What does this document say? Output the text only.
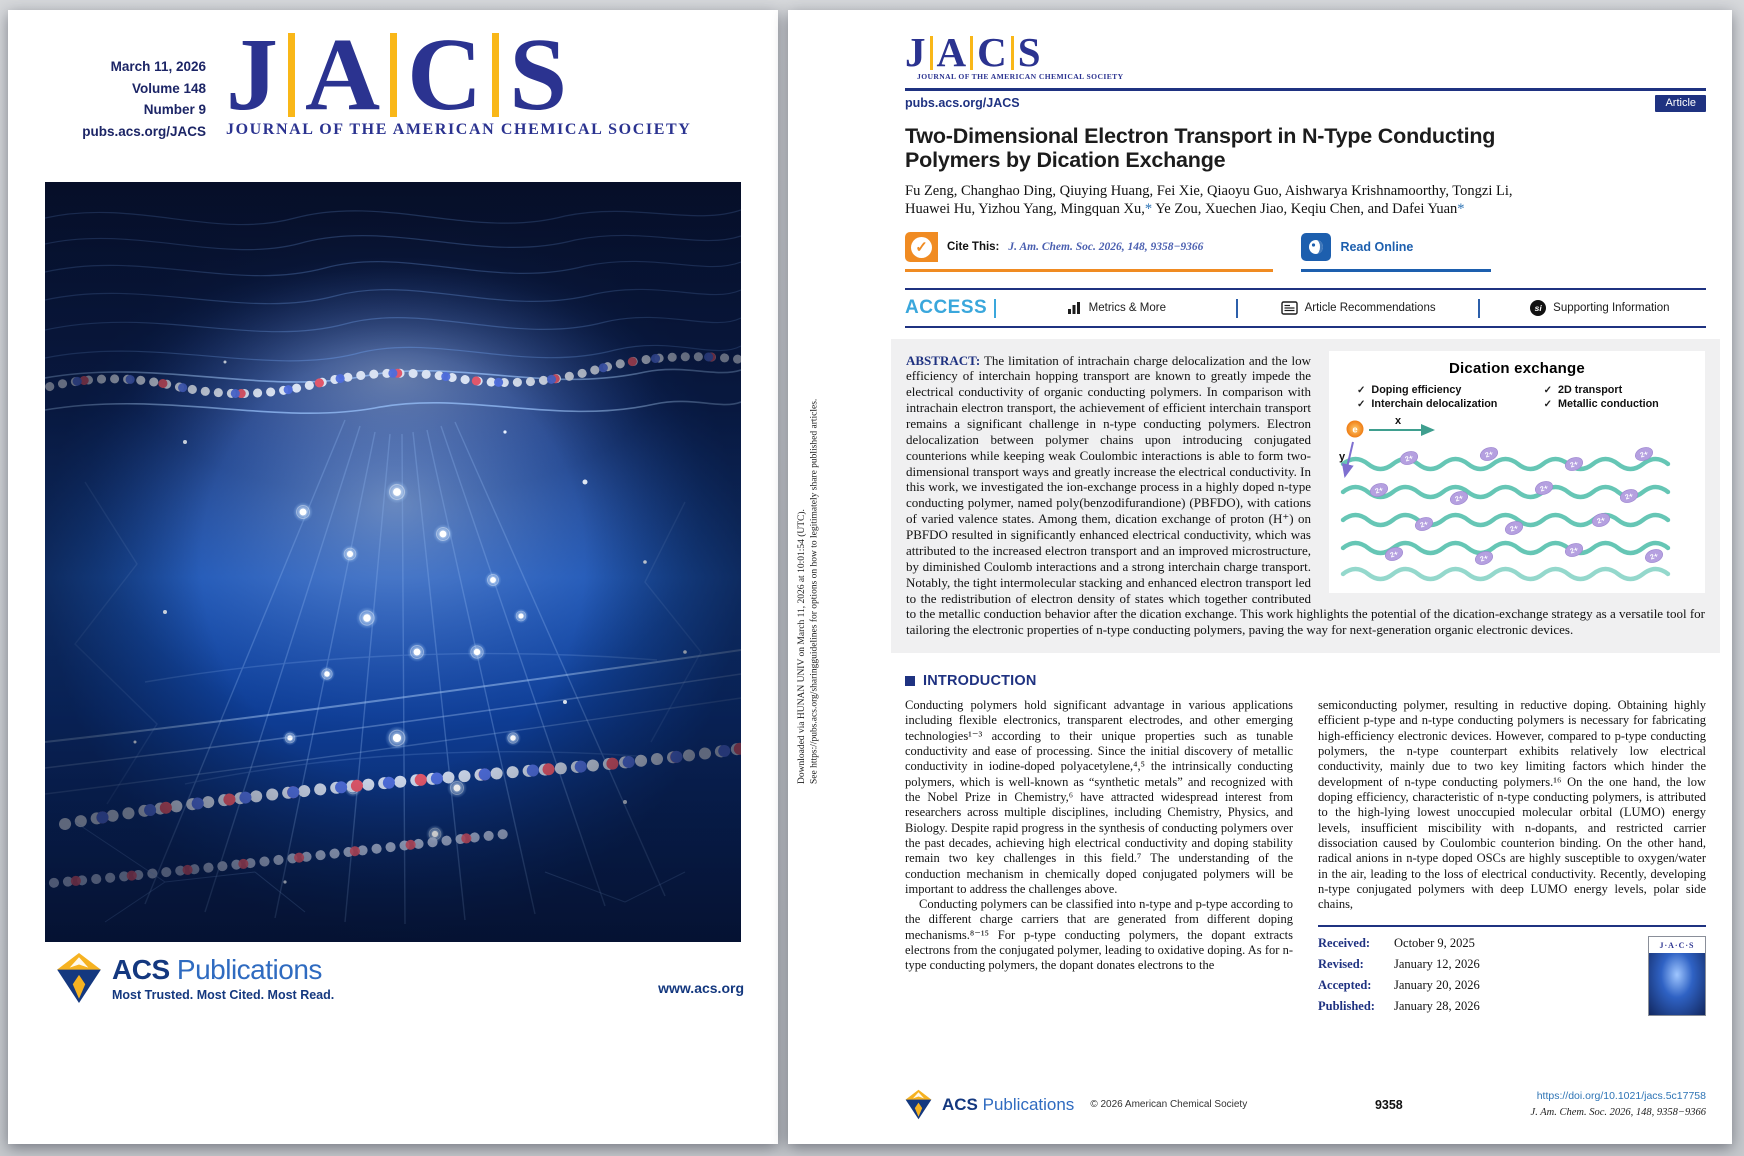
March 11, 2026
Volume 148
Number 9
pubs.acs.org/JACS J A C S
JOURNAL OF THE AMERICAN CHEMICAL SOCIETY
ACS Publications
Most Trusted. Most Cited. Most Read.	www.acs.org
Downloaded via HUNAN UNIV on March 11, 2026 at 10:01:54 (UTC). See https://pubs.acs.org/sharingguidelines for options on how to legitimately share published articles.
J A C S
JOURNAL OF THE AMERICAN CHEMICAL SOCIETY
pubs.acs.org/JACS	Article
Two-Dimensional Electron Transport in N-Type Conducting
Polymers by Dication Exchange
Fu Zeng, Changhao Ding, Qiuying Huang, Fei Xie, Qiaoyu Guo, Aishwarya Krishnamoorthy, Tongzi Li,
Huawei Hu, Yizhou Yang, Mingquan Xu,* Ye Zou, Xuechen Jiao, Keqiu Chen, and Dafei Yuan*
✓	Cite This: J. Am. Chem. Soc. 2026, 148, 9358−9366	Read Online
ACCESS	Metrics & More	Article Recommendations	si Supporting Information
Dication exchange
✓ Doping efficiency
✓ Interchain delocalization
✓ 2D transport
✓ Metallic conduction
2+	2+
2+
2+
2+
2+
2+
2+
2+	2+
2+
2+	2+
2+
2+
e
x
y

ABSTRACT: The limitation of intrachain charge delocalization and the low efficiency of interchain hopping transport are known to greatly impede the electrical conductivity of organic conducting polymers. In comparison with intrachain electron transport, the achievement of efficient interchain transport remains a significant challenge in n-type conducting polymers. Electron delocalization between polymer chains upon introducing conjugated counterions while keeping weak Coulombic interactions is able to form two-dimensional transport ways and greatly increase the electrical conductivity. In this work, we investigated the ion-exchange process in a highly doped n-type conducting polymer, named poly(benzodifurandione) (PBFDO), with cations of varied valence states. Among them, dication exchange of proton (H⁺) on PBFDO resulted in significantly enhanced electrical conductivity, which was attributed to the increased electron transport and an improved microstructure, by diminished Coulomb interactions and a strong interchain charge transport. Notably, the tight intermolecular stacking and enhanced electron transport led to the redistribution of electron density of states which together contributed to the metallic conduction behavior after the dication exchange. This work highlights the potential of the dication-exchange strategy as a versatile tool for tailoring the electronic properties of n-type conducting polymers, paving the way for next-generation organic electronic devices.

INTRODUCTION

Conducting polymers hold significant advantage in various applications including flexible electronics, transparent electrodes, and other emerging technologies¹⁻³ according to their unique properties such as tunable conductivity and ease of processing. Since the initial discovery of metallic conductivity in iodine-doped polyacetylene,⁴,⁵ the intrinsically conducting polymers, which is well-known as “synthetic metals” and recognized with the Nobel Prize in Chemistry,⁶ have attracted widespread interest from researchers across multiple disciplines, including Chemistry, Physics, and Biology. Despite rapid progress in the synthesis of conducting polymers over the past decades, achieving high electrical conductivity and doping stability remain two key challenges in this field.⁷ The understanding of the conduction mechanism in chemically doped conjugated polymers will be important to address the challenges above.

Conducting polymers can be classified into n-type and p-type according to the different charge carriers that are generated from different doping mechanisms.⁸⁻¹⁵ For p-type conducting polymers, the dopant extracts electrons from the conjugated polymer, leading to oxidative doping. As for n-type conducting polymers, the dopant donates electrons to the

semiconducting polymer, resulting in reductive doping. Obtaining highly efficient p-type and n-type conducting polymers is necessary for fabricating high-efficiency electronic devices. However, compared to p-type conducting polymers, the n-type counterpart exhibits relatively low electrical conductivity, mainly due to two key limiting factors which hinder the development of n-type conducting polymers.¹⁶ On the one hand, the low doping efficiency, characteristic of n-type conducting polymers, is attributed to the high-lying lowest unoccupied molecular orbital (LUMO) energy levels, insufficient miscibility with n-dopants, and restricted carrier dissociation caused by Coulombic counterion binding. On the other hand, radical anions in n-type doped OSCs are highly susceptible to oxygen/water in the air, leading to the loss of electrical conductivity. Recently, developing n-type conjugated polymers with deep LUMO energy levels, polar side chains,

Received:	October 9, 2025
Revised:	January 12, 2026
Accepted:	January 20, 2026
Published:	January 28, 2026
J·A·C·S
ACS Publications © 2026 American Chemical Society	9358
https://doi.org/10.1021/jacs.5c17758
J. Am. Chem. Soc. 2026, 148, 9358−9366
